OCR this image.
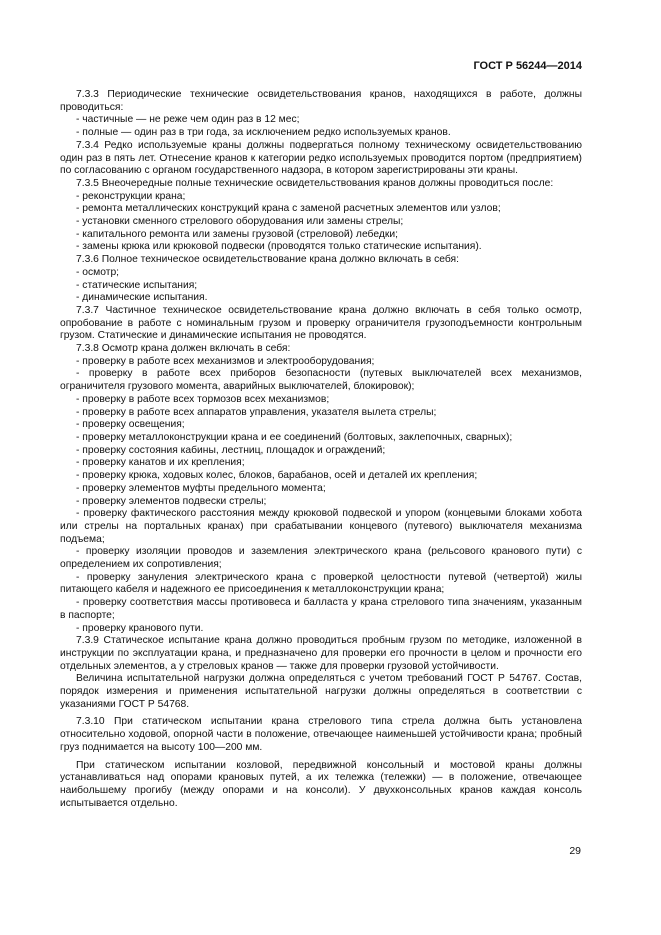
ГОСТ Р 56244—2014

7.3.3 Периодические технические освидетельствования кранов, находящихся в работе, должны проводиться:

- частичные — не реже чем один раз в 12 мес;

- полные — один раз в три года, за исключением редко используемых кранов.

7.3.4 Редко используемые краны должны подвергаться полному техническому освидетельствованию один раз в пять лет. Отнесение кранов к категории редко используемых проводится портом (предприятием) по согласованию с органом государственного надзора, в котором зарегистрированы эти краны.

7.3.5 Внеочередные полные технические освидетельствования кранов должны проводиться после:

- реконструкции крана;

- ремонта металлических конструкций крана с заменой расчетных элементов или узлов;

- установки сменного стрелового оборудования или замены стрелы;

- капитального ремонта или замены грузовой (стреловой) лебедки;

- замены крюка или крюковой подвески (проводятся только статические испытания).

7.3.6 Полное техническое освидетельствование крана должно включать в себя:

- осмотр;

- статические испытания;

- динамические испытания.

7.3.7 Частичное техническое освидетельствование крана должно включать в себя только осмотр, опробование в работе с номинальным грузом и проверку ограничителя грузоподъемности контрольным грузом. Статические и динамические испытания не проводятся.

7.3.8 Осмотр крана должен включать в себя:

- проверку в работе всех механизмов и электрооборудования;

- проверку в работе всех приборов безопасности (путевых выключателей всех механизмов, ограничителя грузового момента, аварийных выключателей, блокировок);

- проверку в работе всех тормозов всех механизмов;

- проверку в работе всех аппаратов управления, указателя вылета стрелы;

- проверку освещения;

- проверку металлоконструкции крана и ее соединений (болтовых, заклепочных, сварных);

- проверку состояния кабины, лестниц, площадок и ограждений;

- проверку канатов и их крепления;

- проверку крюка, ходовых колес, блоков, барабанов, осей и деталей их крепления;

- проверку элементов муфты предельного момента;

- проверку элементов подвески стрелы;

- проверку фактического расстояния между крюковой подвеской и упором (концевыми блоками хобота или стрелы на портальных кранах) при срабатывании концевого (путевого) выключателя механизма подъема;

- проверку изоляции проводов и заземления электрического крана (рельсового кранового пути) с определением их сопротивления;

- проверку зануления электрического крана с проверкой целостности путевой (четвертой) жилы питающего кабеля и надежного ее присоединения к металлоконструкции крана;

- проверку соответствия массы противовеса и балласта у крана стрелового типа значениям, указанным в паспорте;

- проверку кранового пути.

7.3.9 Статическое испытание крана должно проводиться пробным грузом по методике, изложенной в инструкции по эксплуатации крана, и предназначено для проверки его прочности в целом и прочности его отдельных элементов, а у стреловых кранов — также для проверки грузовой устойчивости.

Величина испытательной нагрузки должна определяться с учетом требований ГОСТ Р 54767. Состав, порядок измерения и применения испытательной нагрузки должны определяться в соответствии с указаниями ГОСТ Р 54768.

7.3.10 При статическом испытании крана стрелового типа стрела должна быть установлена относительно ходовой, опорной части в положение, отвечающее наименьшей устойчивости крана; пробный груз поднимается на высоту 100—200 мм.

При статическом испытании козловой, передвижной консольный и мостовой краны должны устанавливаться над опорами крановых путей, а их тележка (тележки) — в положение, отвечающее наибольшему прогибу (между опорами и на консоли). У двухконсольных кранов каждая консоль испытывается отдельно.

29
